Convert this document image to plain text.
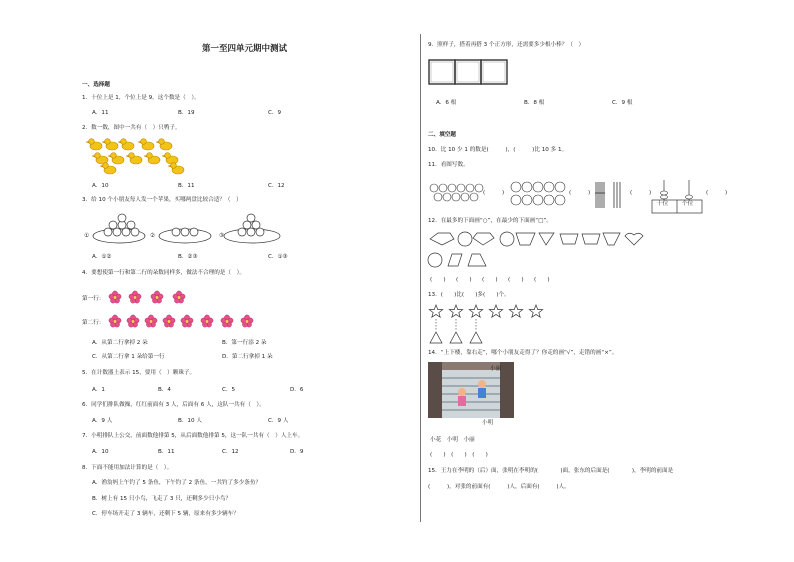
第一至四单元期中测试
一、选择题
1．十位上是 1，个位上是 9，这个数是（　）。
A．11	B．19	C．9
2．数一数，图中一共有（　）只鸭子。
A．10	B．11	C．12
3．给 10 个小朋友每人发一个苹果，买哪两盘比较合适？（　）
①	②	③
A．①②	B．②③	C．①③
4．要想使第一行和第二行的朵数同样多，做法不合理的是（　）。
第一行：
第二行：
A．从第二行拿掉 2 朵	B．第一行添 2 朵
C．从第二行拿 1 朵给第一行	D．第二行拿掉 1 朵
5．在计数器上表示 15，要用（　）颗珠子。
A．1	B．4	C．5	D．6
6．同学们排队做操，红红前面有 3 人，后面有 6 人，这队一共有（　）。
A．9 人	B．10 人	C．9 人
7．小明排队上公交，前面数他排第 5，从后面数他排第 5，这一队一共有（　）人上车。
A．10	B．11	C．12	D．9
8．下面不能用加法计算的是（　）。
A．渔翁妈上午钓了 5 条鱼，下午钓了 2 条鱼，一共钓了多少条鱼？
B．树上有 15 只小鸟，飞走了 3 只，还剩多少只小鸟？
C．停车场开走了 3 辆车，还剩下 5 辆，原来有多少辆车？
9．照样子，搭着再搭 3 个正方形，还需要多少根小棒？（　）
A．6 根	B．8 根	C．9 根
二、填空题
10．比 10 少 1 的数是(　　　)，(　　　)比 10 多 1。
11．看图写数。
(　　　)	(　　　)	(　　　)
十位 个位
(　　　)
12．在最多的下面画“○”，在最少的下面画“□”。
(　　) (　　) (　　) (　　) (　　)
13．(　　)比(　　)多(　　)个。
14．“上下楼，靠右走”，哪个小朋友走得了？你走的画“√”，走错的画“×”。
小丽
小明
小花　小明　小丽
(　　)　(　　)　(　　)
15．王力在李明的（后）面，张明在李明的(　　　　)面，张东的后面是(　　　　)，李明的前面是
(　　　)，对张的前面有(　　　)人，后面有(　　　)人。
